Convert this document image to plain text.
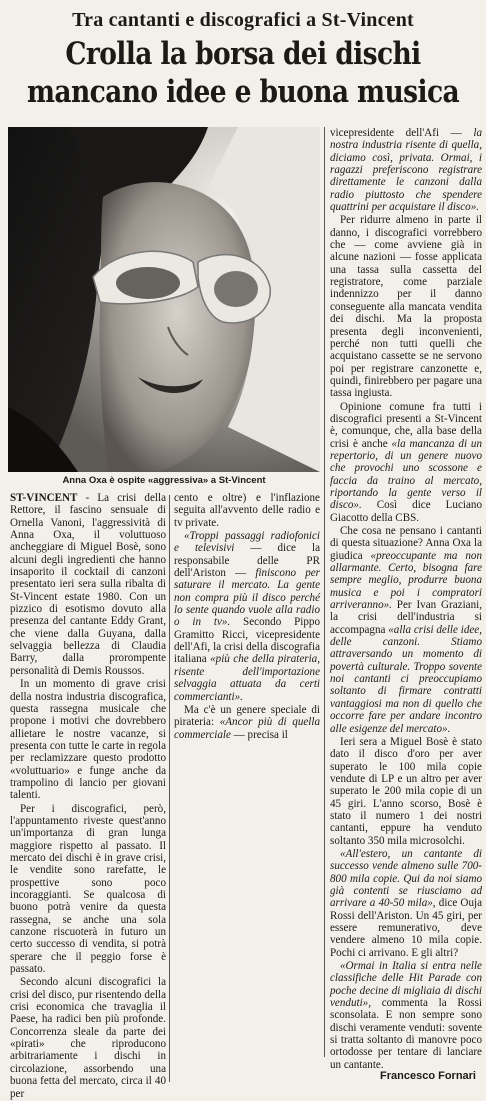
Tra cantanti e discografici a St-Vincent
Crolla la borsa dei dischi
mancano idee e buona musica
Anna Oxa è ospite «aggressiva» a St-Vincent

ST-VINCENT - La crisi della Rettore, il fascino sensuale di Ornella Vanoni, l'aggressività di Anna Oxa, il voluttuoso ancheggiare di Miguel Bosè, sono alcuni degli ingredienti che hanno insaporito il cocktail di canzoni presentato ieri sera sulla ribalta di St-Vincent estate 1980. Con un pizzico di esotismo dovuto alla presenza del cantante Eddy Grant, che viene dalla Guyana, dalla selvaggia bellezza di Claudia Barry, dalla prorompente personalità di Demis Roussos.

In un momento di grave crisi della nostra industria discografica, questa rassegna musicale che propone i motivi che dovrebbero allietare le nostre vacanze, si presenta con tutte le carte in regola per reclamizzare questo prodotto «voluttuario» e funge anche da trampolino di lancio per giovani talenti.

Per i discografici, però, l'appuntamento riveste quest'anno un'importanza di gran lunga maggiore rispetto al passato. Il mercato dei dischi è in grave crisi, le vendite sono rarefatte, le prospettive sono poco incoraggianti. Se qualcosa di buono potrà venire da questa rassegna, se anche una sola canzone riscuoterà in futuro un certo successo di vendita, si potrà sperare che il peggio forse è passato.

Secondo alcuni discografici la crisi del disco, pur risentendo della crisi economica che travaglia il Paese, ha radici ben più profonde. Concorrenza sleale da parte dei «pirati» che riproducono arbitrariamente i dischi in circolazione, assorbendo una buona fetta del mercato, circa il 40 per

cento e oltre) e l'inflazione seguita all'avvento delle radio e tv private.

«Troppi passaggi radiofonici e televisivi — dice la responsabile delle PR dell'Ariston — finiscono per saturare il mercato. La gente non compra più il disco perché lo sente quando vuole alla radio o in tv». Secondo Pippo Gramitto Ricci, vicepresidente dell'Afi, la crisi della discografia italiana «più che della pirateria, risente dell'importazione selvaggia attuata da certi commercianti».

Ma c'è un genere speciale di pirateria: «Ancor più di quella commerciale — precisa il

vicepresidente dell'Afi — la nostra industria risente di quella, diciamo così, privata. Ormai, i ragazzi preferiscono registrare direttamente le canzoni dalla radio piuttosto che spendere quattrini per acquistare il disco».

Per ridurre almeno in parte il danno, i discografici vorrebbero che — come avviene già in alcune nazioni — fosse applicata una tassa sulla cassetta del registratore, come parziale indennizzo per il danno conseguente alla mancata vendita dei dischi. Ma la proposta presenta degli inconvenienti, perché non tutti quelli che acquistano cassette se ne servono poi per registrare canzonette e, quindi, finirebbero per pagare una tassa ingiusta.

Opinione comune fra tutti i discografici presenti a St-Vincent è, comunque, che, alla base della crisi è anche «la mancanza di un repertorio, di un genere nuovo che provochi uno scossone e faccia da traino al mercato, riportando la gente verso il disco». Così dice Luciano Giacotto della CBS.

Che cosa ne pensano i cantanti di questa situazione? Anna Oxa la giudica «preoccupante ma non allarmante. Certo, bisogna fare sempre meglio, produrre buona musica e poi i compratori arriveranno». Per Ivan Graziani, la crisi dell'industria si accompagna «alla crisi delle idee, delle canzoni. Stiamo attraversando un momento di povertà culturale. Troppo sovente noi cantanti ci preoccupiamo soltanto di firmare contratti vantaggiosi ma non di quello che occorre fare per andare incontro alle esigenze del mercato».

Ieri sera a Miguel Bosè è stato dato il disco d'oro per aver superato le 100 mila copie vendute di LP e un altro per aver superato le 200 mila copie di un 45 giri. L'anno scorso, Bosè è stato il numero 1 dei nostri cantanti, eppure ha venduto soltanto 350 mila microsolchi.

«All'estero, un cantante di successo vende almeno sulle 700-800 mila copie. Qui da noi siamo già contenti se riusciamo ad arrivare a 40-50 mila», dice Ouja Rossi dell'Ariston. Un 45 giri, per essere remunerativo, deve vendere almeno 10 mila copie. Pochi ci arrivano. E gli altri?

«Ormai in Italia si entra nelle classifiche delle Hit Parade con poche decine di migliaia di dischi venduti», commenta la Rossi sconsolata. E non sempre sono dischi veramente venduti: sovente si tratta soltanto di manovre poco ortodosse per tentare di lanciare un cantante.

Francesco Fornari
